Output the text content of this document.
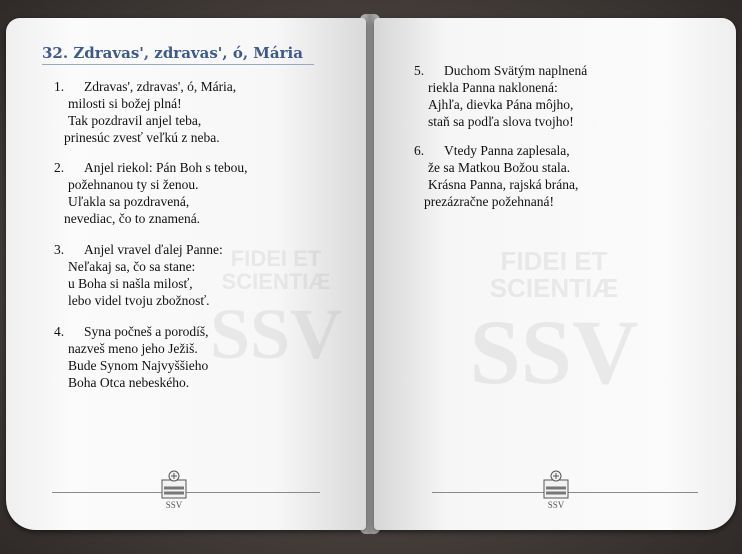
FIDEI ET
SCIENTIÆ
SSV
32. Zdravas', zdravas', ó, Mária
1. Zdravas', zdravas', ó, Mária,
milosti si božej plná!
Tak pozdravil anjel teba,
prinesúc zvesť veľkú z neba.
2. Anjel riekol: Pán Boh s tebou,
požehnanou ty si ženou.
Uľakla sa pozdravená,
nevediac, čo to znamená.
3. Anjel vravel ďalej Panne:
Neľakaj sa, čo sa stane:
u Boha si našla milosť,
lebo videl tvoju zbožnosť.
4. Syna počneš a porodíš,
nazveš meno jeho Ježiš.
Bude Synom Najvyššieho
Boha Otca nebeského.
SSV
FIDEI ET
SCIENTIÆ
SSV
5. Duchom Svätým naplnená
riekla Panna naklonená:
Ajhľa, dievka Pána môjho,
staň sa podľa slova tvojho!
6. Vtedy Panna zaplesala,
že sa Matkou Božou stala.
Krásna Panna, rajská brána,
prezázračne požehnaná!
SSV
